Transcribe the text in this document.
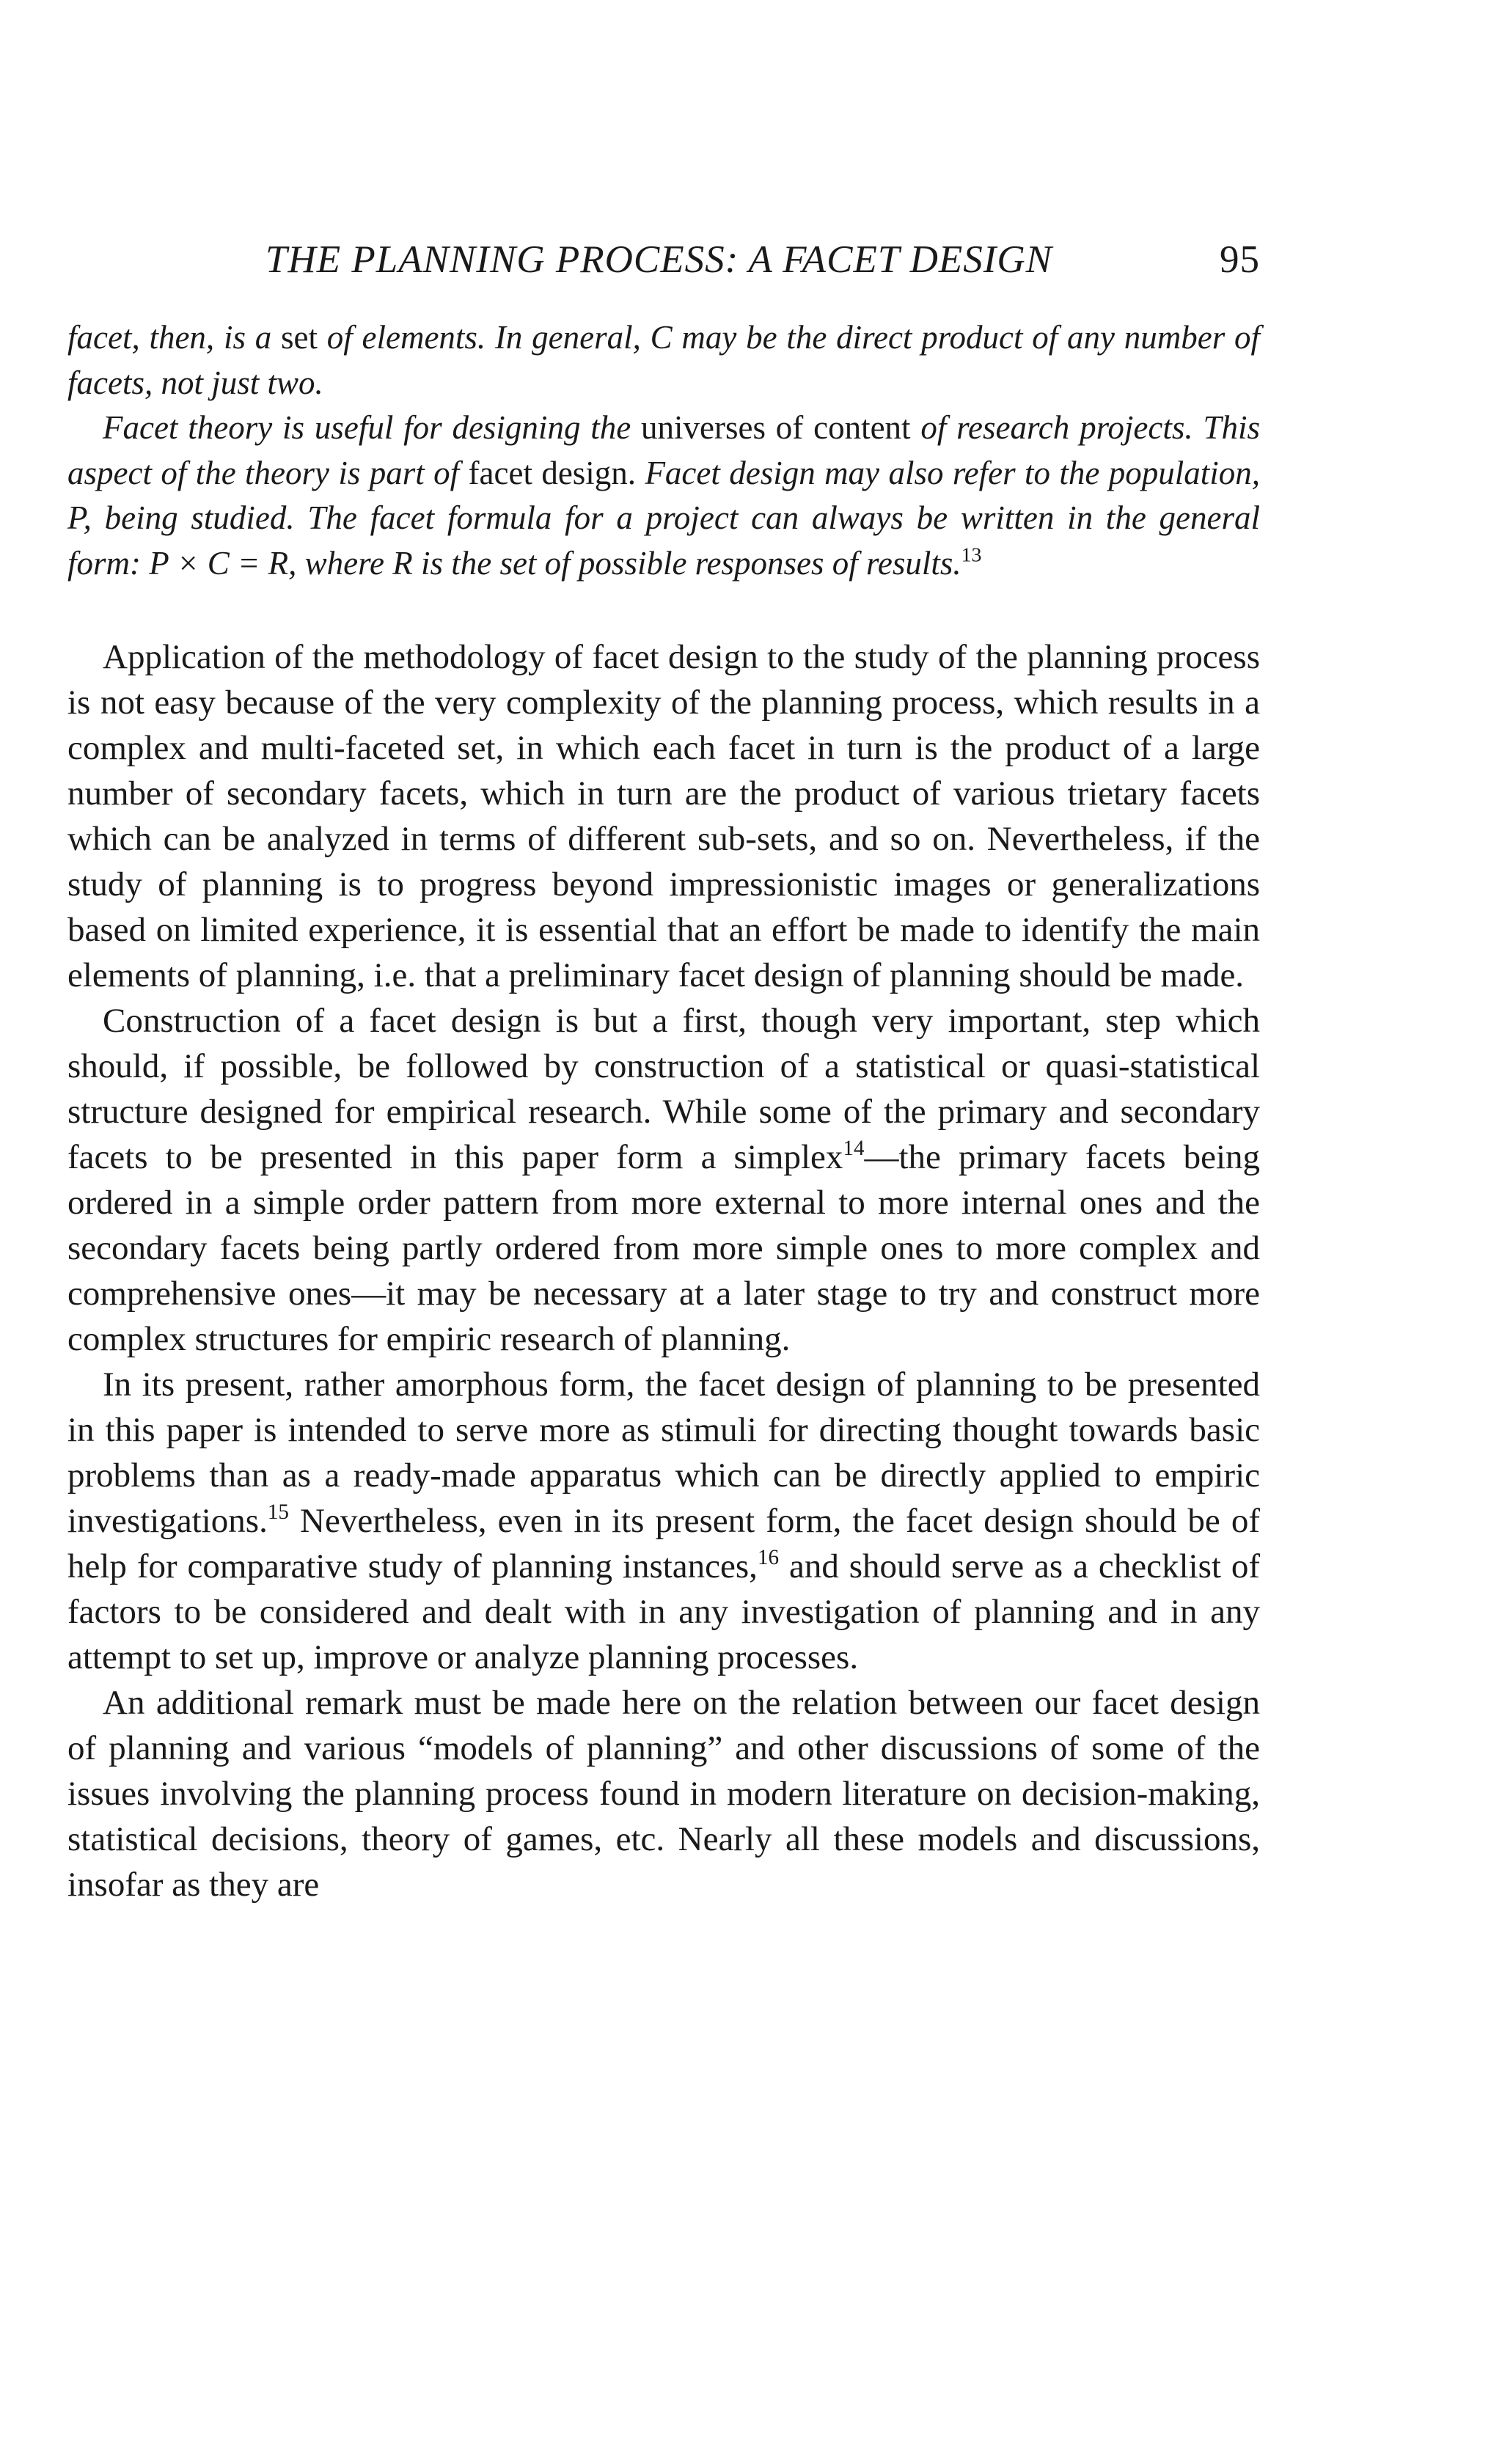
THE PLANNING PROCESS: A FACET DESIGN	95

facet, then, is a set of elements. In general, C may be the direct product of any number of facets, not just two.

Facet theory is useful for designing the universes of content of research projects. This aspect of the theory is part of facet design. Facet design may also refer to the population, P, being studied. The facet formula for a project can always be written in the general form: P × C = R, where R is the set of possible responses of results.$^{13}$

Application of the methodology of facet design to the study of the planning process is not easy because of the very complexity of the planning process, which results in a complex and multi-faceted set, in which each facet in turn is the product of a large number of secondary facets, which in turn are the product of various trietary facets which can be analyzed in terms of different sub-sets, and so on. Nevertheless, if the study of planning is to progress beyond impressionistic images or generalizations based on limited experience, it is essential that an effort be made to identify the main elements of planning, i.e. that a preliminary facet design of planning should be made.

Construction of a facet design is but a first, though very important, step which should, if possible, be followed by construction of a statistical or quasi-statistical structure designed for empirical research. While some of the primary and secondary facets to be presented in this paper form a simplex$^{14}$—the primary facets being ordered in a simple order pattern from more external to more internal ones and the secondary facets being partly ordered from more simple ones to more complex and comprehensive ones—it may be necessary at a later stage to try and construct more complex structures for empiric research of planning.

In its present, rather amorphous form, the facet design of planning to be presented in this paper is intended to serve more as stimuli for directing thought towards basic problems than as a ready-made apparatus which can be directly applied to empiric investigations.$^{15}$ Nevertheless, even in its present form, the facet design should be of help for comparative study of planning instances,$^{16}$ and should serve as a checklist of factors to be considered and dealt with in any investigation of planning and in any attempt to set up, improve or analyze planning processes.

An additional remark must be made here on the relation between our facet design of planning and various “models of planning” and other discussions of some of the issues involving the planning process found in modern literature on decision-making, statistical decisions, theory of games, etc. Nearly all these models and discussions, insofar as they are
